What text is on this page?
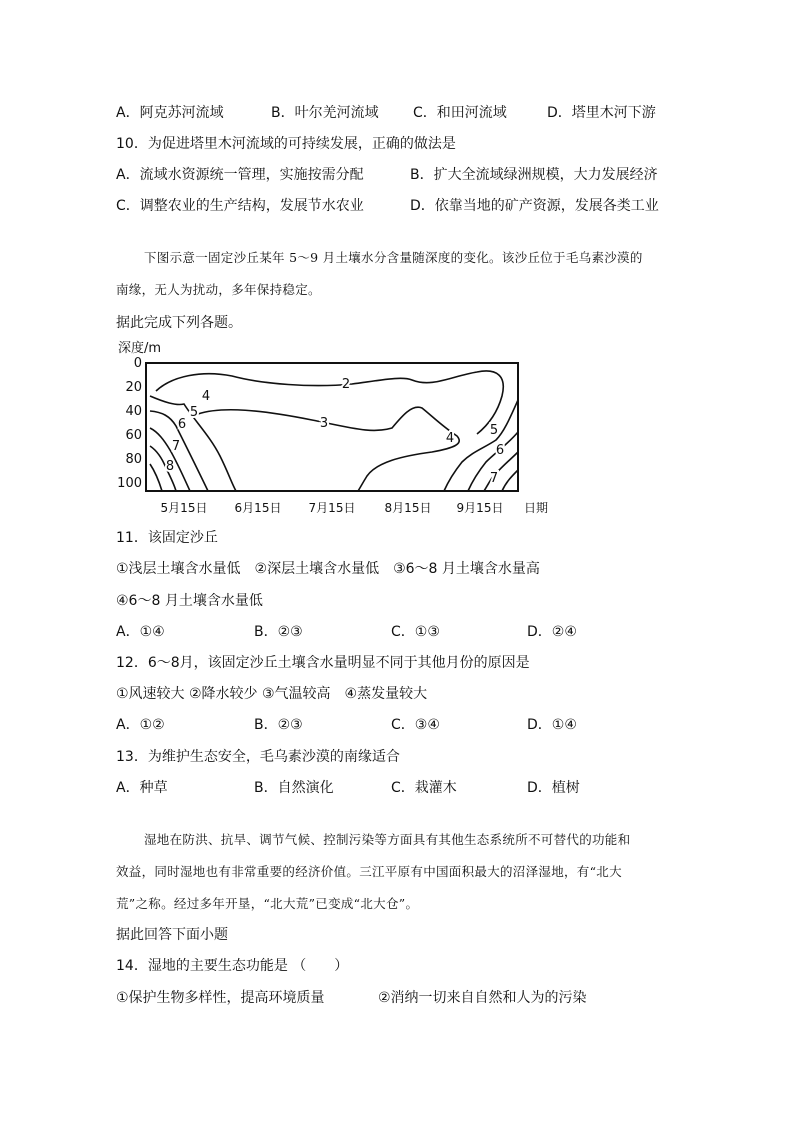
A．阿克苏河流域	B．叶尔羌河流域 C．和田河流域	D．塔里木河下游
10．为促进塔里木河流域的可持续发展，正确的做法是
A．流域水资源统一管理，实施按需分配	B．扩大全流域绿洲规模，大力发展经济
C．调整农业的生产结构，发展节水农业	D．依靠当地的矿产资源，发展各类工业
下图示意一固定沙丘某年 5～9 月土壤水分含量随深度的变化。该沙丘位于毛乌素沙漠的
南缘，无人为扰动，多年保持稳定。
据此完成下列各题。
深度/m
0
20
40
60
80
100
2
3
4
5
6
7
8
4
5
6
7
5月15日 6月15日 7月15日 8月15日 9月15日 日期
11．该固定沙丘
①浅层土壤含水量低　②深层土壤含水量低　③6～8 月土壤含水量高
④6～8 月土壤含水量低
A．①④	B．②③	C．①③	D．②④
12．6～8月，该固定沙丘土壤含水量明显不同于其他月份的原因是
①风速较大 ②降水较少 ③气温较高　④蒸发量较大
A．①②	B．②③	C．③④	D．①④
13．为维护生态安全，毛乌素沙漠的南缘适合
A．种草	B．自然演化	C．栽灌木	D．植树
湿地在防洪、抗旱、调节气候、控制污染等方面具有其他生态系统所不可替代的功能和
效益，同时湿地也有非常重要的经济价值。三江平原有中国面积最大的沼泽湿地，有“北大
荒”之称。经过多年开垦，“北大荒”已变成“北大仓”。
据此回答下面小题
14．湿地的主要生态功能是 （　　）
①保护生物多样性，提高环境质量	②消纳一切来自自然和人为的污染
